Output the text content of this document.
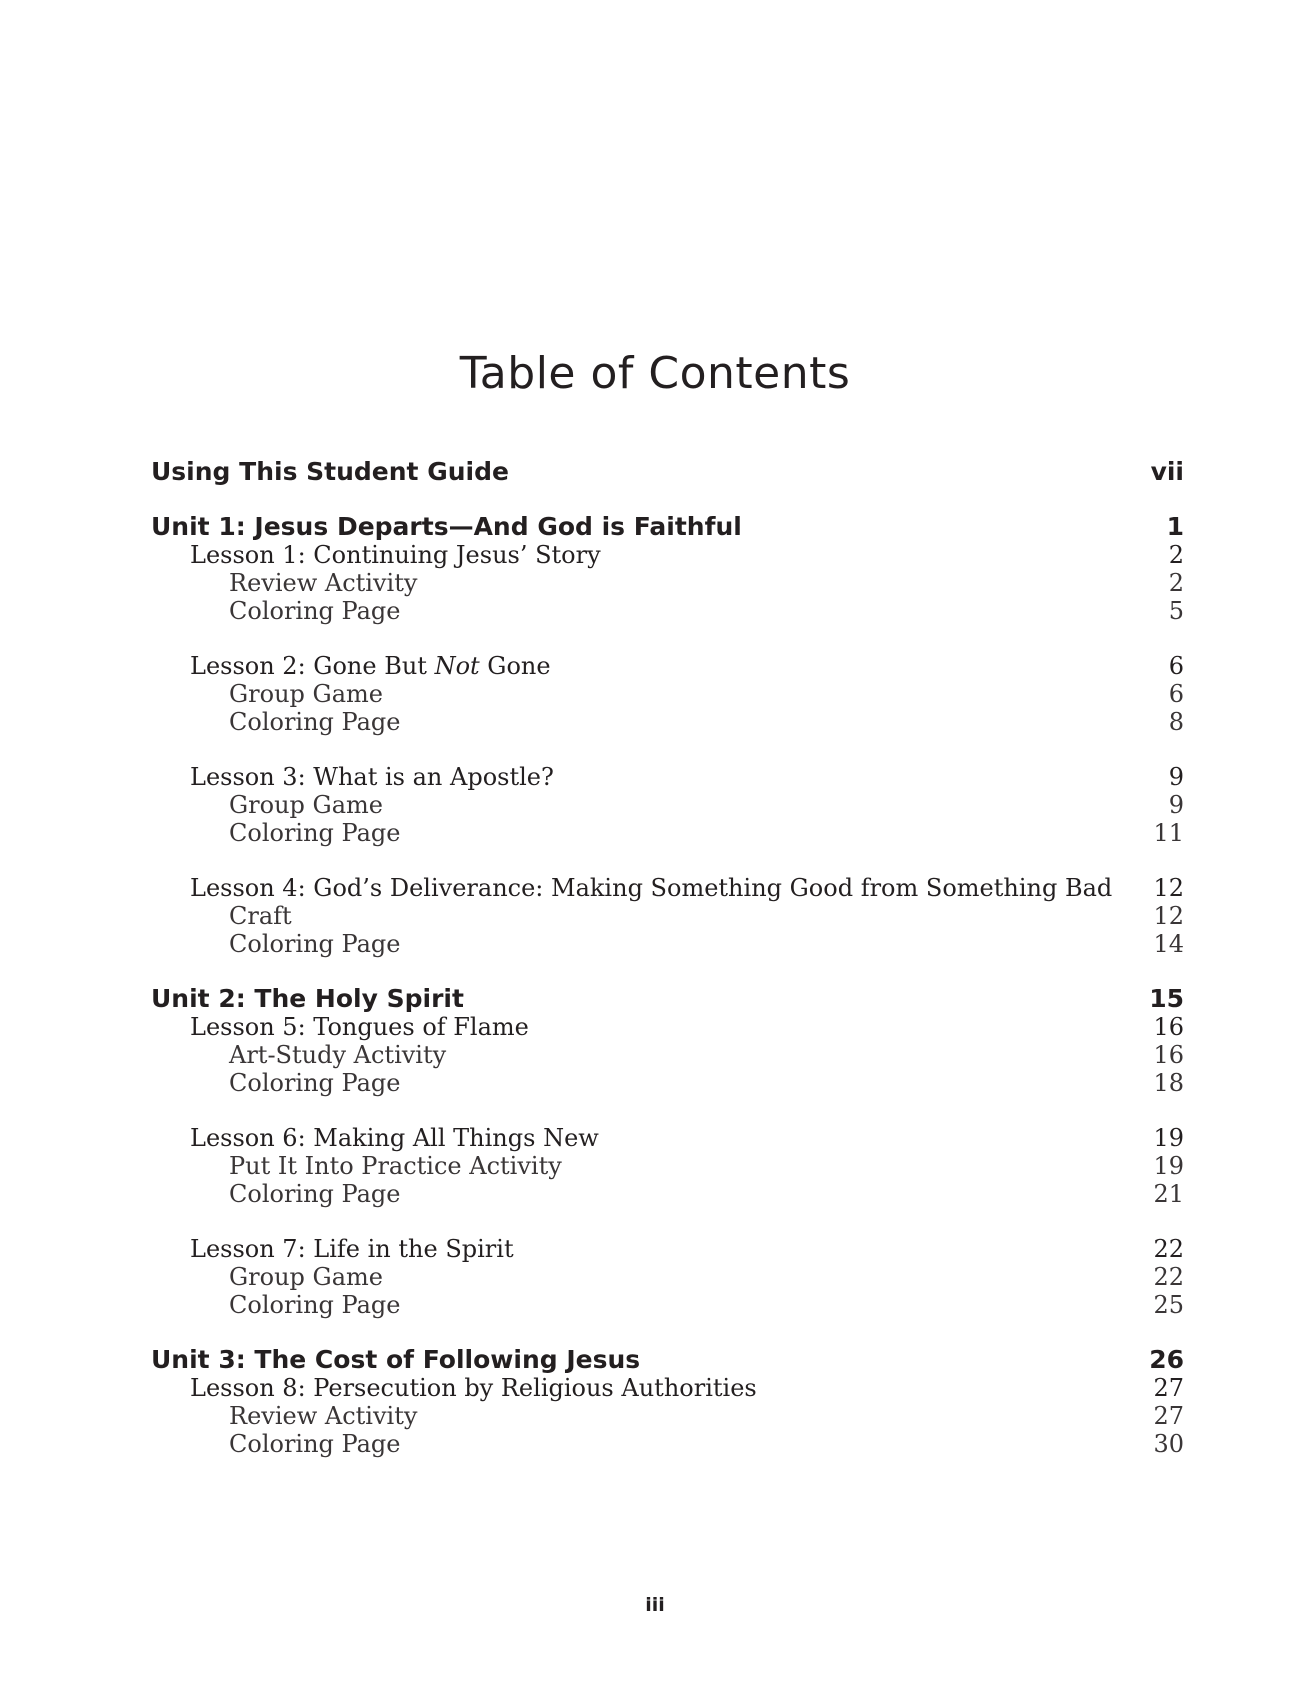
Table of Contents
Using This Student Guide	vii
Unit 1: Jesus Departs—And God is Faithful	1
Lesson 1: Continuing Jesus’ Story	2
Review Activity	2
Coloring Page	5
Lesson 2: Gone But Not Gone	6
Group Game	6
Coloring Page	8
Lesson 3: What is an Apostle?	9
Group Game	9
Coloring Page	11
Lesson 4: God’s Deliverance: Making Something Good from Something Bad 12
Craft	12
Coloring Page	14
Unit 2: The Holy Spirit	15
Lesson 5: Tongues of Flame	16
Art-Study Activity	16
Coloring Page	18
Lesson 6: Making All Things New	19
Put It Into Practice Activity	19
Coloring Page	21
Lesson 7: Life in the Spirit	22
Group Game	22
Coloring Page	25
Unit 3: The Cost of Following Jesus	26
Lesson 8: Persecution by Religious Authorities	27
Review Activity	27
Coloring Page	30
iii
